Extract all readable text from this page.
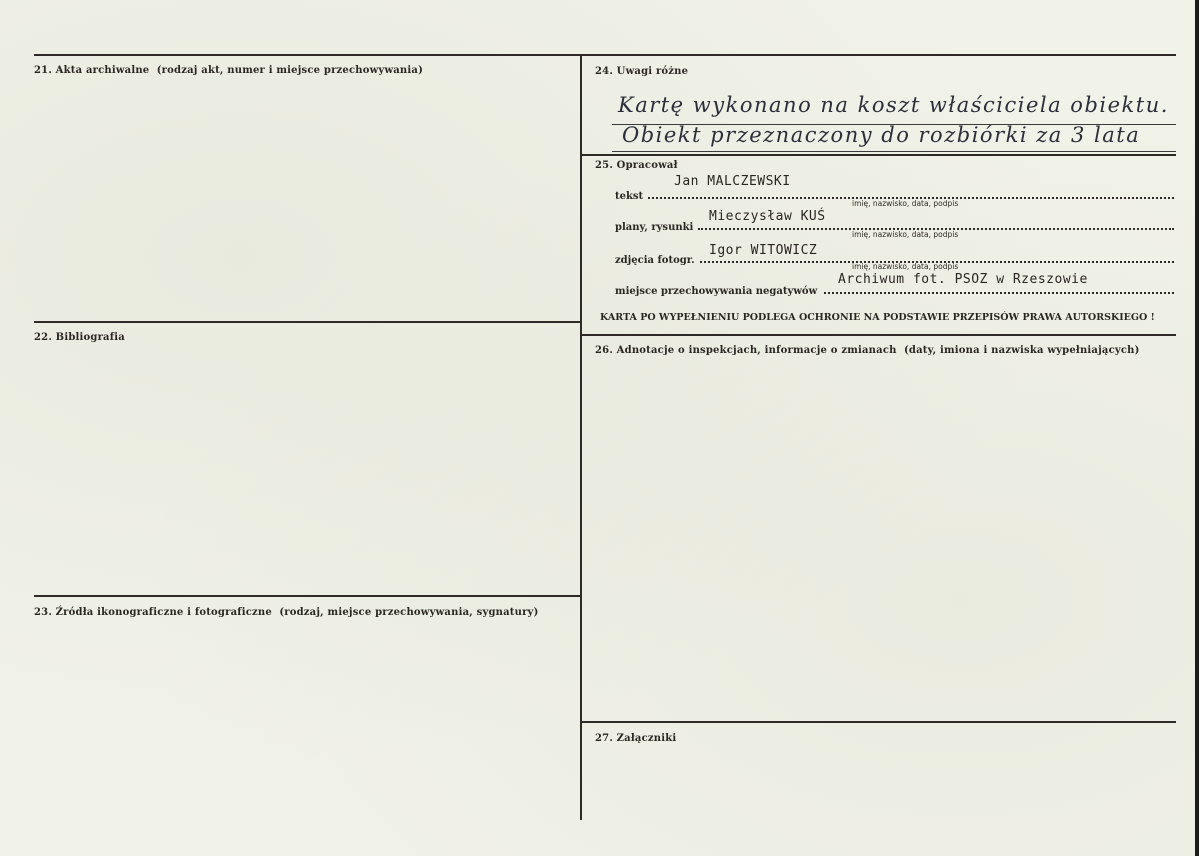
21. Akta archiwalne (rodzaj akt, numer i miejsce przechowywania)
22. Bibliografia
23. Źródła ikonograficzne i fotograficzne (rodzaj, miejsce przechowywania, sygnatury)
24. Uwagi różne
Kartę wykonano na koszt właściciela obiektu.
Obiekt przeznaczony do rozbiórki za 3 lata
25. Opracował
Jan MALCZEWSKI
tekst
imię, nazwisko, data, podpis
Mieczysław KUŚ
plany, rysunki
imię, nazwisko, data, podpis
Igor WITOWICZ
zdjęcia fotogr.
imię, nazwisko, data, podpis
Archiwum fot. PSOZ w Rzeszowie
miejsce przechowywania negatywów
KARTA PO WYPEŁNIENIU PODLEGA OCHRONIE NA PODSTAWIE PRZEPISÓW PRAWA AUTORSKIEGO !
26. Adnotacje o inspekcjach, informacje o zmianach (daty, imiona i nazwiska wypełniających)
27. Załączniki
